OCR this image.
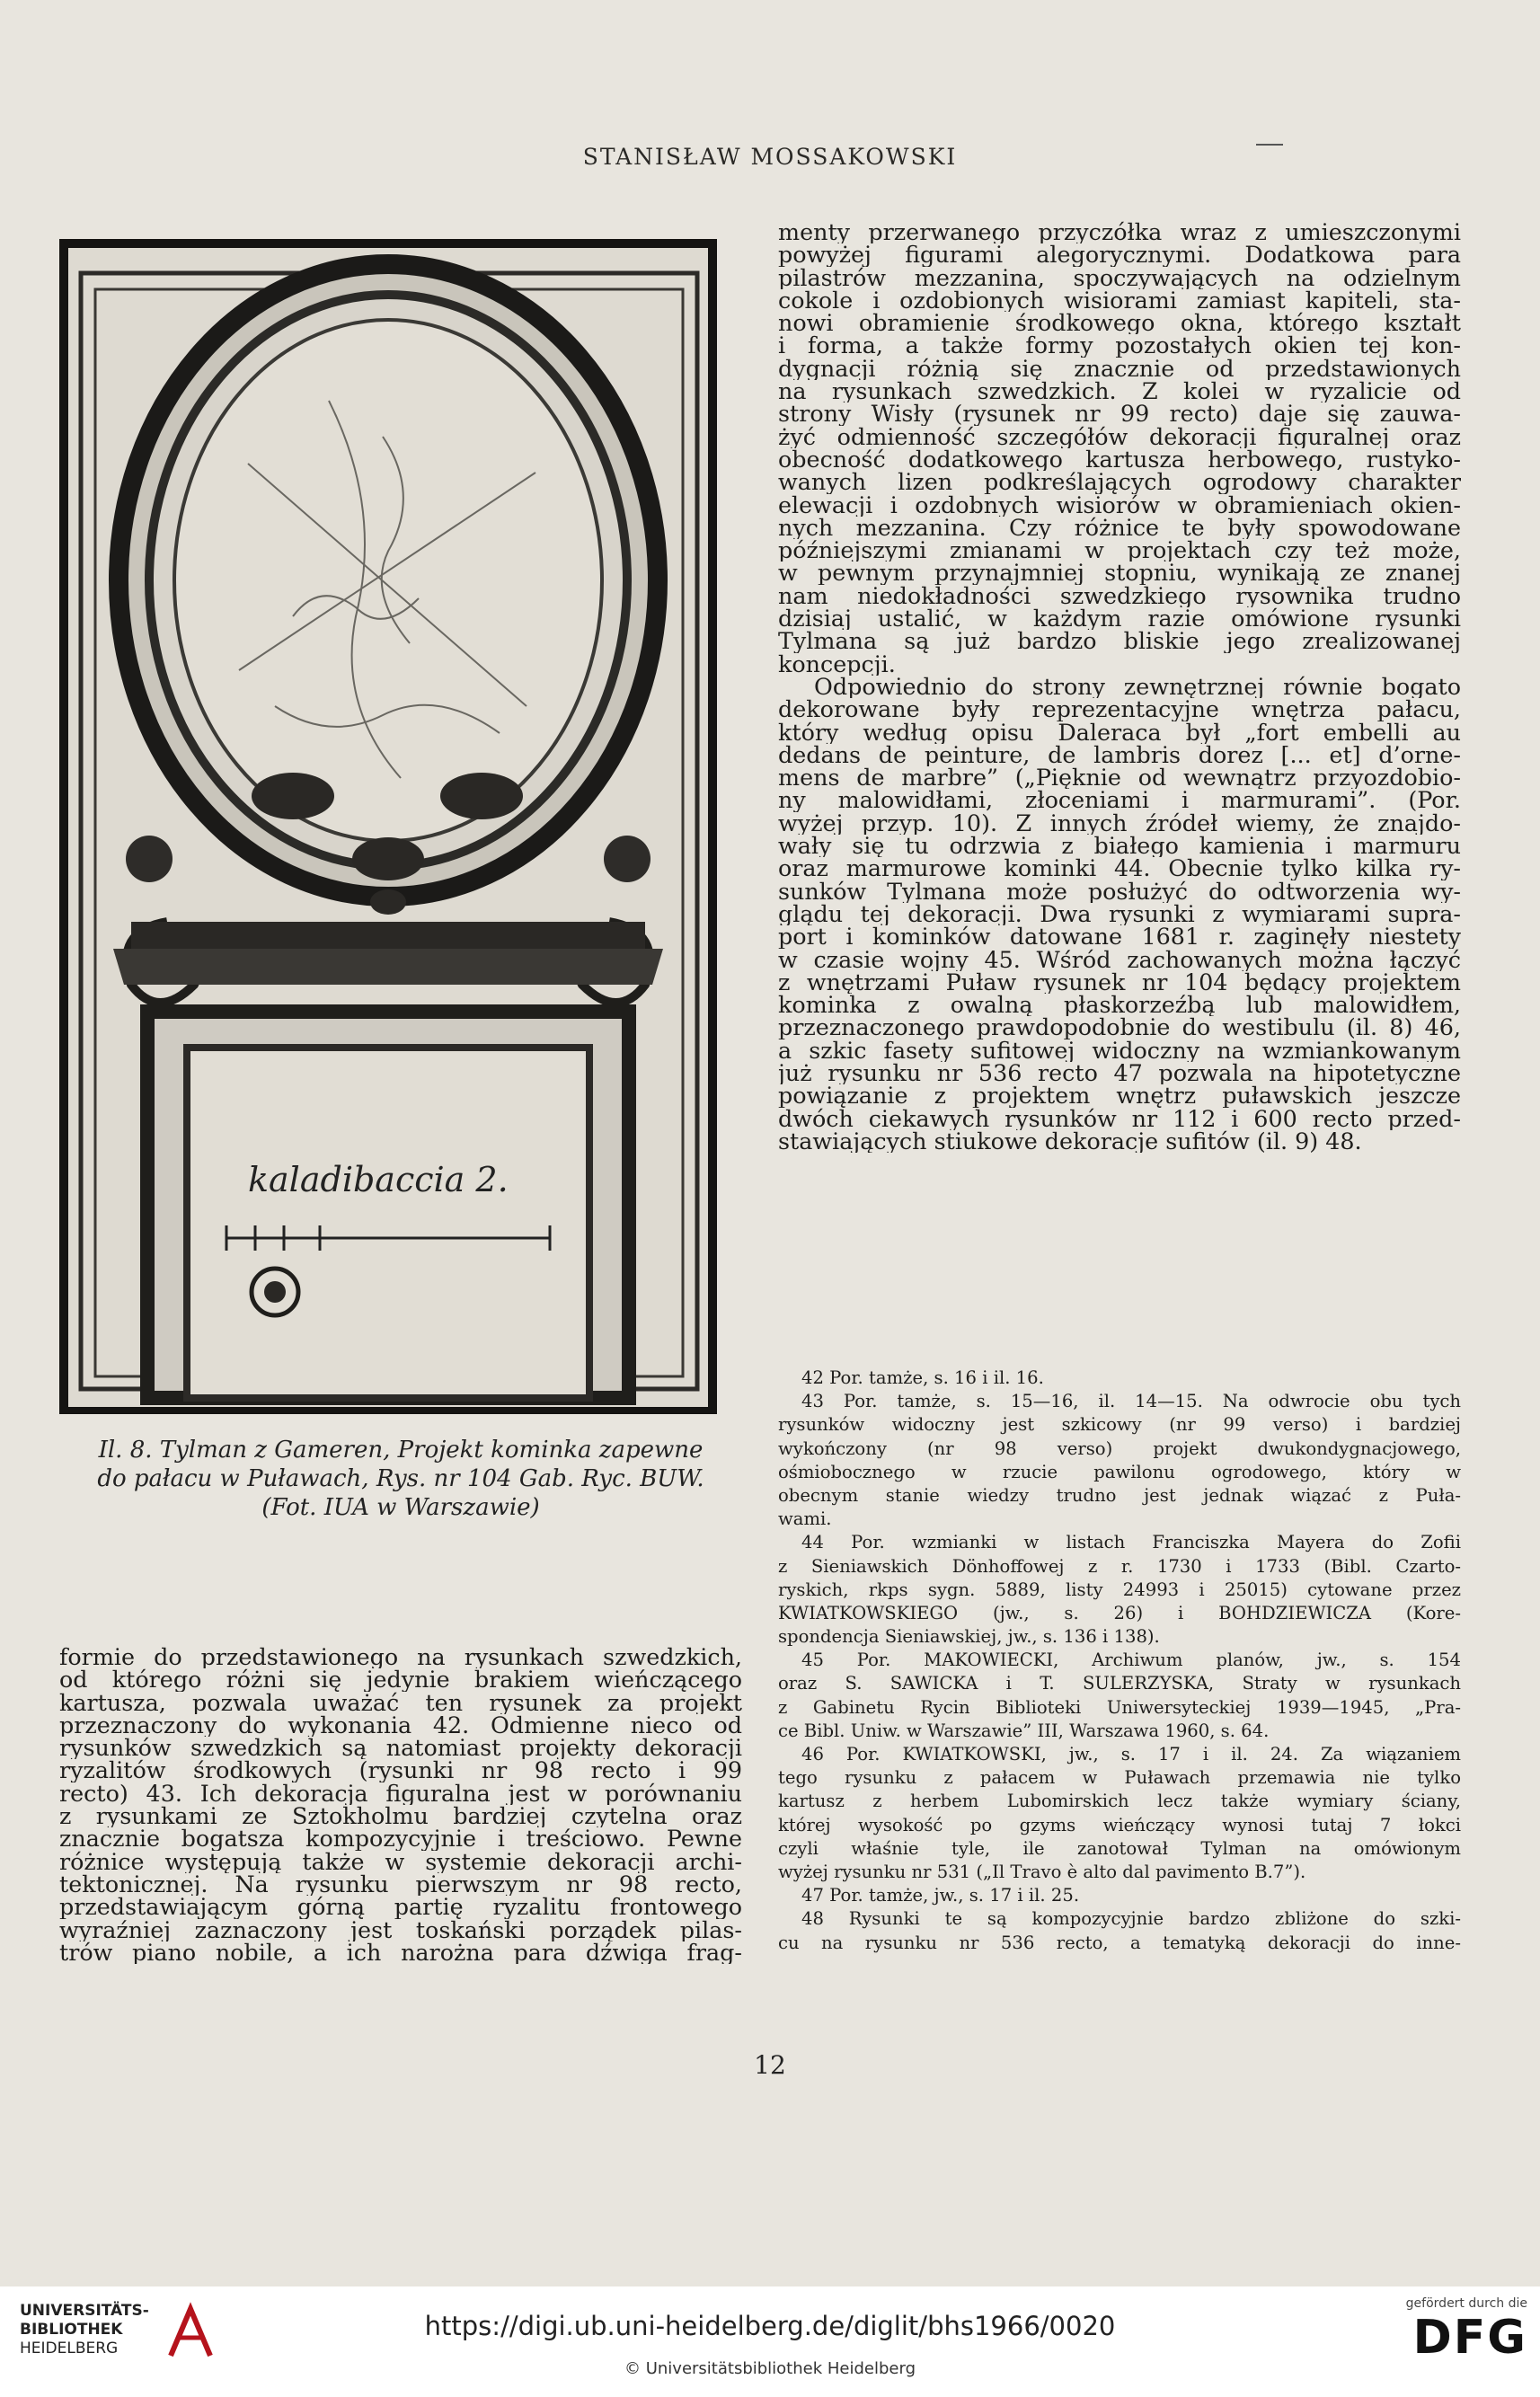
STANISŁAW MOSSAKOWSKI
kaladibaccia 2.
Il. 8. Tylman z Gameren, Projekt kominka zapewne
do pałacu w Puławach, Rys. nr 104 Gab. Ryc. BUW.
(Fot. IUA w Warszawie)
menty przerwanego przyczółka wraz z umieszczonymi
powyżej figurami alegorycznymi. Dodatkowa para
pilastrów mezzanina, spoczywających na odzielnym
cokole i ozdobionych wisiorami zamiast kapiteli, sta-
nowi obramienie środkowego okna, którego kształt
i forma, a także formy pozostałych okien tej kon-
dygnacji różnią się znacznie od przedstawionych
na rysunkach szwedzkich. Z kolei w ryzalicie od
strony Wisły (rysunek nr 99 recto) daje się zauwa-
żyć odmienność szczegółów dekoracji figuralnej oraz
obecność dodatkowego kartusza herbowego, rustyko-
wanych lizen podkreślających ogrodowy charakter
elewacji i ozdobnych wisiorów w obramieniach okien-
nych mezzanina. Czy różnice te były spowodowane
późniejszymi zmianami w projektach czy też może,
w pewnym przynajmniej stopniu, wynikają ze znanej
nam niedokładności szwedzkiego rysownika trudno
dzisiaj ustalić, w każdym razie omówione rysunki
Tylmana są już bardzo bliskie jego zrealizowanej
koncepcji.
Odpowiednio do strony zewnętrznej równie bogato
dekorowane były reprezentacyjne wnętrza pałacu,
który według opisu Daleraca był „fort embelli au
dedans de peinture, de lambris dorez [... et] d’orne-
mens de marbre” („Pięknie od wewnątrz przyozdobio-
ny malowidłami, złoceniami i marmurami”. (Por.
wyżej przyp. 10). Z innych źródeł wiemy, że znajdo-
wały się tu odrzwia z białego kamienia i marmuru
oraz marmurowe kominki 44. Obecnie tylko kilka ry-
sunków Tylmana może posłużyć do odtworzenia wy-
glądu tej dekoracji. Dwa rysunki z wymiarami supra-
port i kominków datowane 1681 r. zaginęły niestety
w czasie wojny 45. Wśród zachowanych można łączyć
z wnętrzami Puław rysunek nr 104 będący projektem
kominka z owalną płaskorzeźbą lub malowidłem,
przeznaczonego prawdopodobnie do westibulu (il. 8) 46,
a szkic fasety sufitowej widoczny na wzmiankowanym
już rysunku nr 536 recto 47 pozwala na hipotetyczne
powiązanie z projektem wnętrz puławskich jeszcze
dwóch ciekawych rysunków nr 112 i 600 recto przed-
stawiających stiukowe dekoracje sufitów (il. 9) 48.
formie do przedstawionego na rysunkach szwedzkich,
od którego różni się jedynie brakiem wieńczącego
kartusza, pozwala uważać ten rysunek za projekt
przeznaczony do wykonania 42. Odmienne nieco od
rysunków szwedzkich są natomiast projekty dekoracji
ryzalitów środkowych (rysunki nr 98 recto i 99
recto) 43. Ich dekoracja figuralna jest w porównaniu
z rysunkami ze Sztokholmu bardziej czytelna oraz
znacznie bogatsza kompozycyjnie i treściowo. Pewne
różnice występują także w systemie dekoracji archi-
tektonicznej. Na rysunku pierwszym nr 98 recto,
przedstawiającym górną partię ryzalitu frontowego
wyraźniej zaznaczony jest toskański porządek pilas-
trów piano nobile, a ich narożna para dźwiga frag-
42 Por. tamże, s. 16 i il. 16.
43 Por. tamże, s. 15—16, il. 14—15. Na odwrocie obu tych
rysunków widoczny jest szkicowy (nr 99 verso) i bardziej
wykończony (nr 98 verso) projekt dwukondygnacjowego,
ośmiobocznego w rzucie pawilonu ogrodowego, który w
obecnym stanie wiedzy trudno jest jednak wiązać z Puła-
wami.
44 Por. wzmianki w listach Franciszka Mayera do Zofii
z Sieniawskich Dönhoffowej z r. 1730 i 1733 (Bibl. Czarto-
ryskich, rkps sygn. 5889, listy 24993 i 25015) cytowane przez
KWIATKOWSKIEGO (jw., s. 26) i BOHDZIEWICZA (Kore-
spondencja Sieniawskiej, jw., s. 136 i 138).
45 Por. MAKOWIECKI, Archiwum planów, jw., s. 154
oraz S. SAWICKA i T. SULERZYSKA, Straty w rysunkach
z Gabinetu Rycin Biblioteki Uniwersyteckiej 1939—1945, „Pra-
ce Bibl. Uniw. w Warszawie” III, Warszawa 1960, s. 64.
46 Por. KWIATKOWSKI, jw., s. 17 i il. 24. Za wiązaniem
tego rysunku z pałacem w Puławach przemawia nie tylko
kartusz z herbem Lubomirskich lecz także wymiary ściany,
której wysokość po gzyms wieńczący wynosi tutaj 7 łokci
czyli właśnie tyle, ile zanotował Tylman na omówionym
wyżej rysunku nr 531 („Il Travo è alto dal pavimento B.7”).
47 Por. tamże, jw., s. 17 i il. 25.
48 Rysunki te są kompozycyjnie bardzo zbliżone do szki-
cu na rysunku nr 536 recto, a tematyką dekoracji do inne-
12
UNIVERSITÄTS-
BIBLIOTHEK
HEIDELBERG
https://digi.ub.uni-heidelberg.de/diglit/bhs1966/0020
© Universitätsbibliothek Heidelberg
gefördert durch die
DFG
